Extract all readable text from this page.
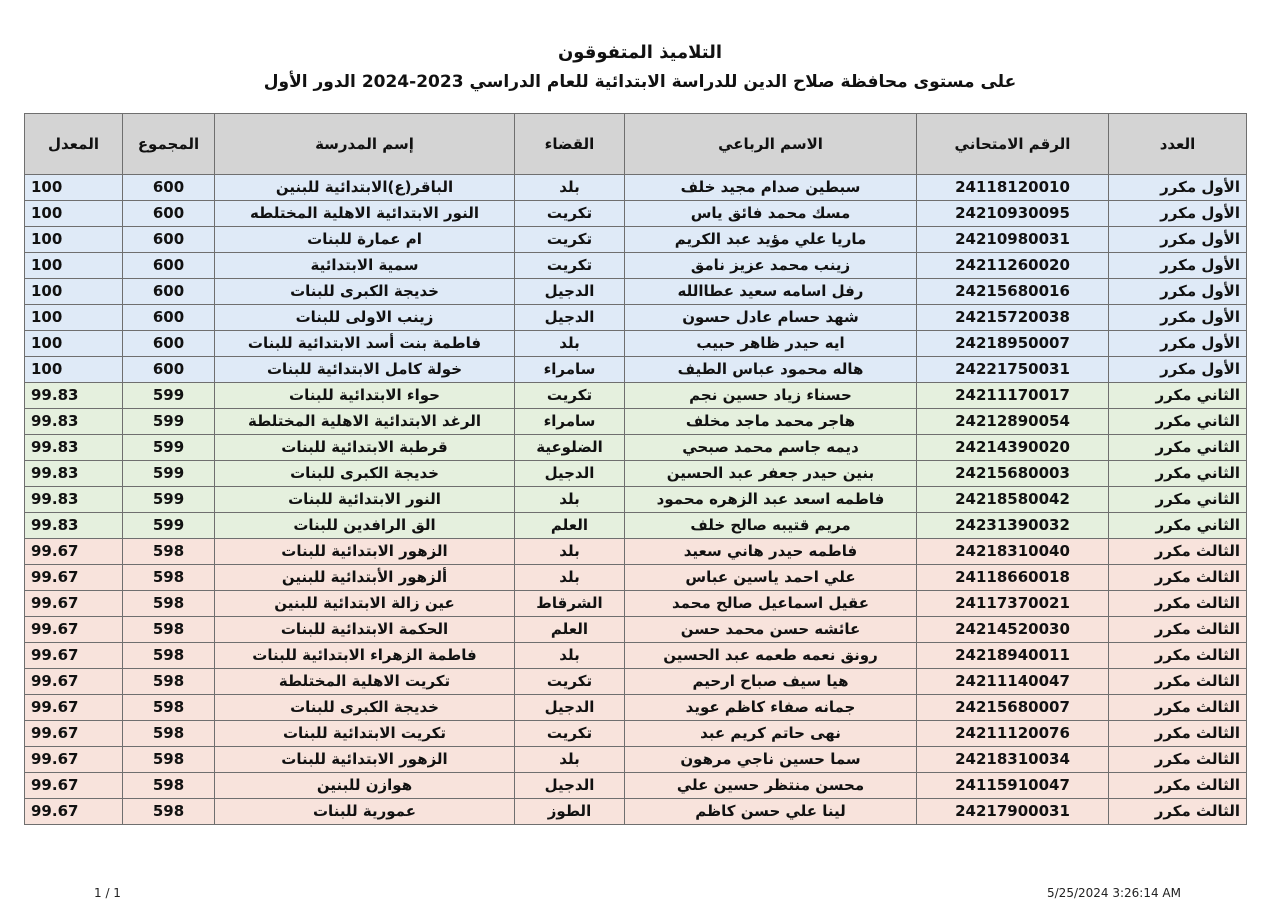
التلاميذ المتفوقون
على مستوى محافظة صلاح الدين للدراسة الابتدائية للعام الدراسي 2023-2024 الدور الأول
العدد	الرقم الامتحاني	الاسم الرباعي	القضاء	إسم المدرسة	المجموع	المعدل
الأول مكرر	24118120010	سبطين صدام مجيد خلف	بلد	الباقر(ع)الابتدائية للبنين	600	100
الأول مكرر	24210930095	مسك محمد فائق ياس	تكريت	النور الابتدائية الاهلية المختلطه	600	100
الأول مكرر	24210980031	ماريا علي مؤيد عبد الكريم	تكريت	ام عمارة للبنات	600	100
الأول مكرر	24211260020	زينب محمد عزيز نامق	تكريت	سمية الابتدائية	600	100
الأول مكرر	24215680016	رفل اسامه سعيد عطاالله	الدجيل	خديجة الكبرى للبنات	600	100
الأول مكرر	24215720038	شهد حسام عادل حسون	الدجيل	زينب الاولى للبنات	600	100
الأول مكرر	24218950007	ايه حيدر ظاهر حبيب	بلد	فاطمة بنت أسد الابتدائية للبنات	600	100
الأول مكرر	24221750031	هاله محمود عباس الطيف	سامراء	خولة كامل الابتدائية للبنات	600	100
الثاني مكرر	24211170017	حسناء زياد حسين نجم	تكريت	حواء الابتدائية للبنات	599	99.83
الثاني مكرر	24212890054	هاجر محمد ماجد مخلف	سامراء	الرغد الابتدائية الاهلية المختلطة	599	99.83
الثاني مكرر	24214390020	ديمه جاسم محمد صبحي	الضلوعية	قرطبة الابتدائية للبنات	599	99.83
الثاني مكرر	24215680003	بنين حيدر جعفر عبد الحسين	الدجيل	خديجة الكبرى للبنات	599	99.83
الثاني مكرر	24218580042	فاطمه اسعد عبد الزهره محمود	بلد	النور الابتدائية للبنات	599	99.83
الثاني مكرر	24231390032	مريم قتيبه صالح خلف	العلم	الق الرافدين للبنات	599	99.83
الثالث مكرر	24218310040	فاطمه حيدر هاني سعيد	بلد	الزهور الابتدائية للبنات	598	99.67
الثالث مكرر	24118660018	علي احمد ياسين عباس	بلد	ألزهور الأبتدائية للبنين	598	99.67
الثالث مكرر	24117370021	عقيل اسماعيل صالح محمد	الشرقاط	عين زالة الابتدائية للبنين	598	99.67
الثالث مكرر	24214520030	عائشه حسن محمد حسن	العلم	الحكمة الابتدائية للبنات	598	99.67
الثالث مكرر	24218940011	رونق نعمه طعمه عبد الحسين	بلد	فاطمة الزهراء الابتدائية للبنات	598	99.67
الثالث مكرر	24211140047	هيا سيف صباح ارحيم	تكريت	تكريت الاهلية المختلطة	598	99.67
الثالث مكرر	24215680007	جمانه صفاء كاظم عويد	الدجيل	خديجة الكبرى للبنات	598	99.67
الثالث مكرر	24211120076	نهى حاتم كريم عبد	تكريت	تكريت الابتدائية للبنات	598	99.67
الثالث مكرر	24218310034	سما حسين ناجي مرهون	بلد	الزهور الابتدائية للبنات	598	99.67
الثالث مكرر	24115910047	محسن منتظر حسين علي	الدجيل	هوازن للبنين	598	99.67
الثالث مكرر	24217900031	لينا علي حسن كاظم	الطوز	عمورية للبنات	598	99.67
1 / 1	5/25/2024 3:26:14 AM
